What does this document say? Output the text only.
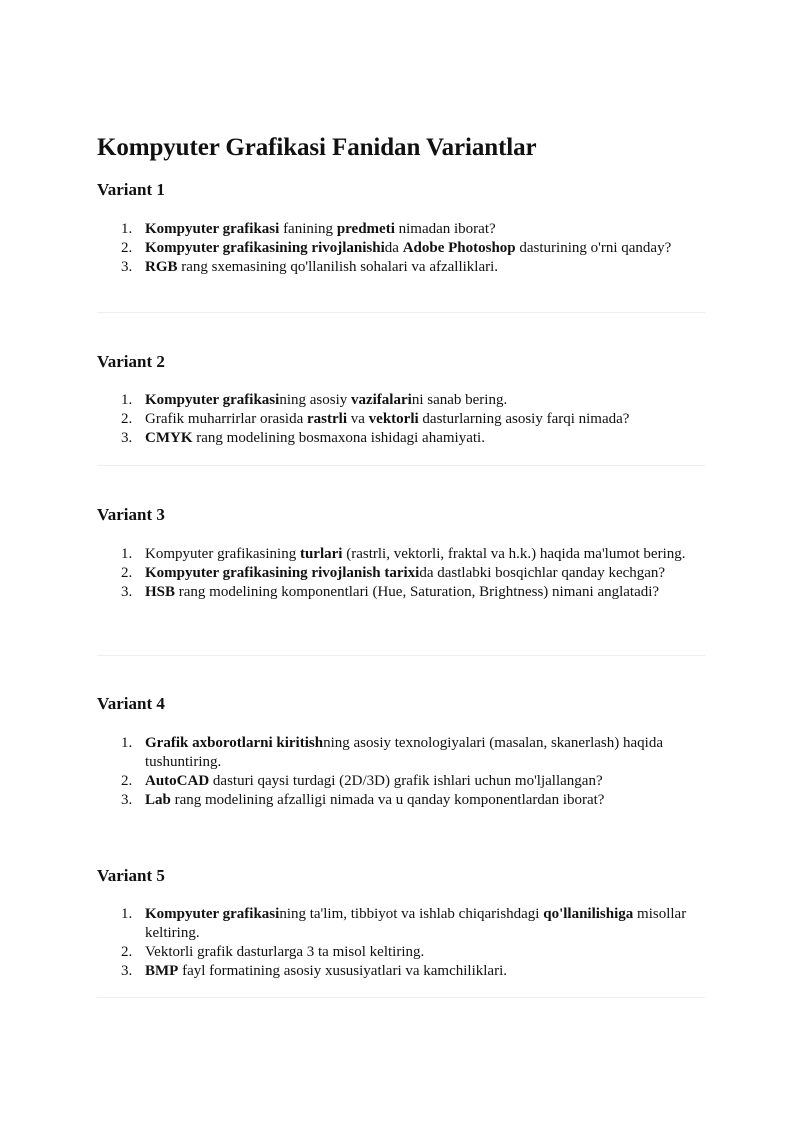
Kompyuter Grafikasi Fanidan Variantlar
Variant 1
1. Kompyuter grafikasi fanining predmeti nimadan iborat?
2. Kompyuter grafikasining rivojlanishida Adobe Photoshop dasturining o'rni qanday?
3. RGB rang sxemasining qo'llanilish sohalari va afzalliklari.
Variant 2
1. Kompyuter grafikasining asosiy vazifalarini sanab bering.
2. Grafik muharrirlar orasida rastrli va vektorli dasturlarning asosiy farqi nimada?
3. CMYK rang modelining bosmaxona ishidagi ahamiyati.
Variant 3
1. Kompyuter grafikasining turlari (rastrli, vektorli, fraktal va h.k.) haqida ma'lumot bering.
2. Kompyuter grafikasining rivojlanish tarixida dastlabki bosqichlar qanday kechgan?
3. HSB rang modelining komponentlari (Hue, Saturation, Brightness) nimani anglatadi?
Variant 4
1. Grafik axborotlarni kiritishning asosiy texnologiyalari (masalan, skanerlash) haqida tushuntiring.
2. AutoCAD dasturi qaysi turdagi (2D/3D) grafik ishlari uchun mo'ljallangan?
3. Lab rang modelining afzalligi nimada va u qanday komponentlardan iborat?
Variant 5
1. Kompyuter grafikasining ta'lim, tibbiyot va ishlab chiqarishdagi qo'llanilishiga misollar keltiring.
2. Vektorli grafik dasturlarga 3 ta misol keltiring.
3. BMP fayl formatining asosiy xususiyatlari va kamchiliklari.
